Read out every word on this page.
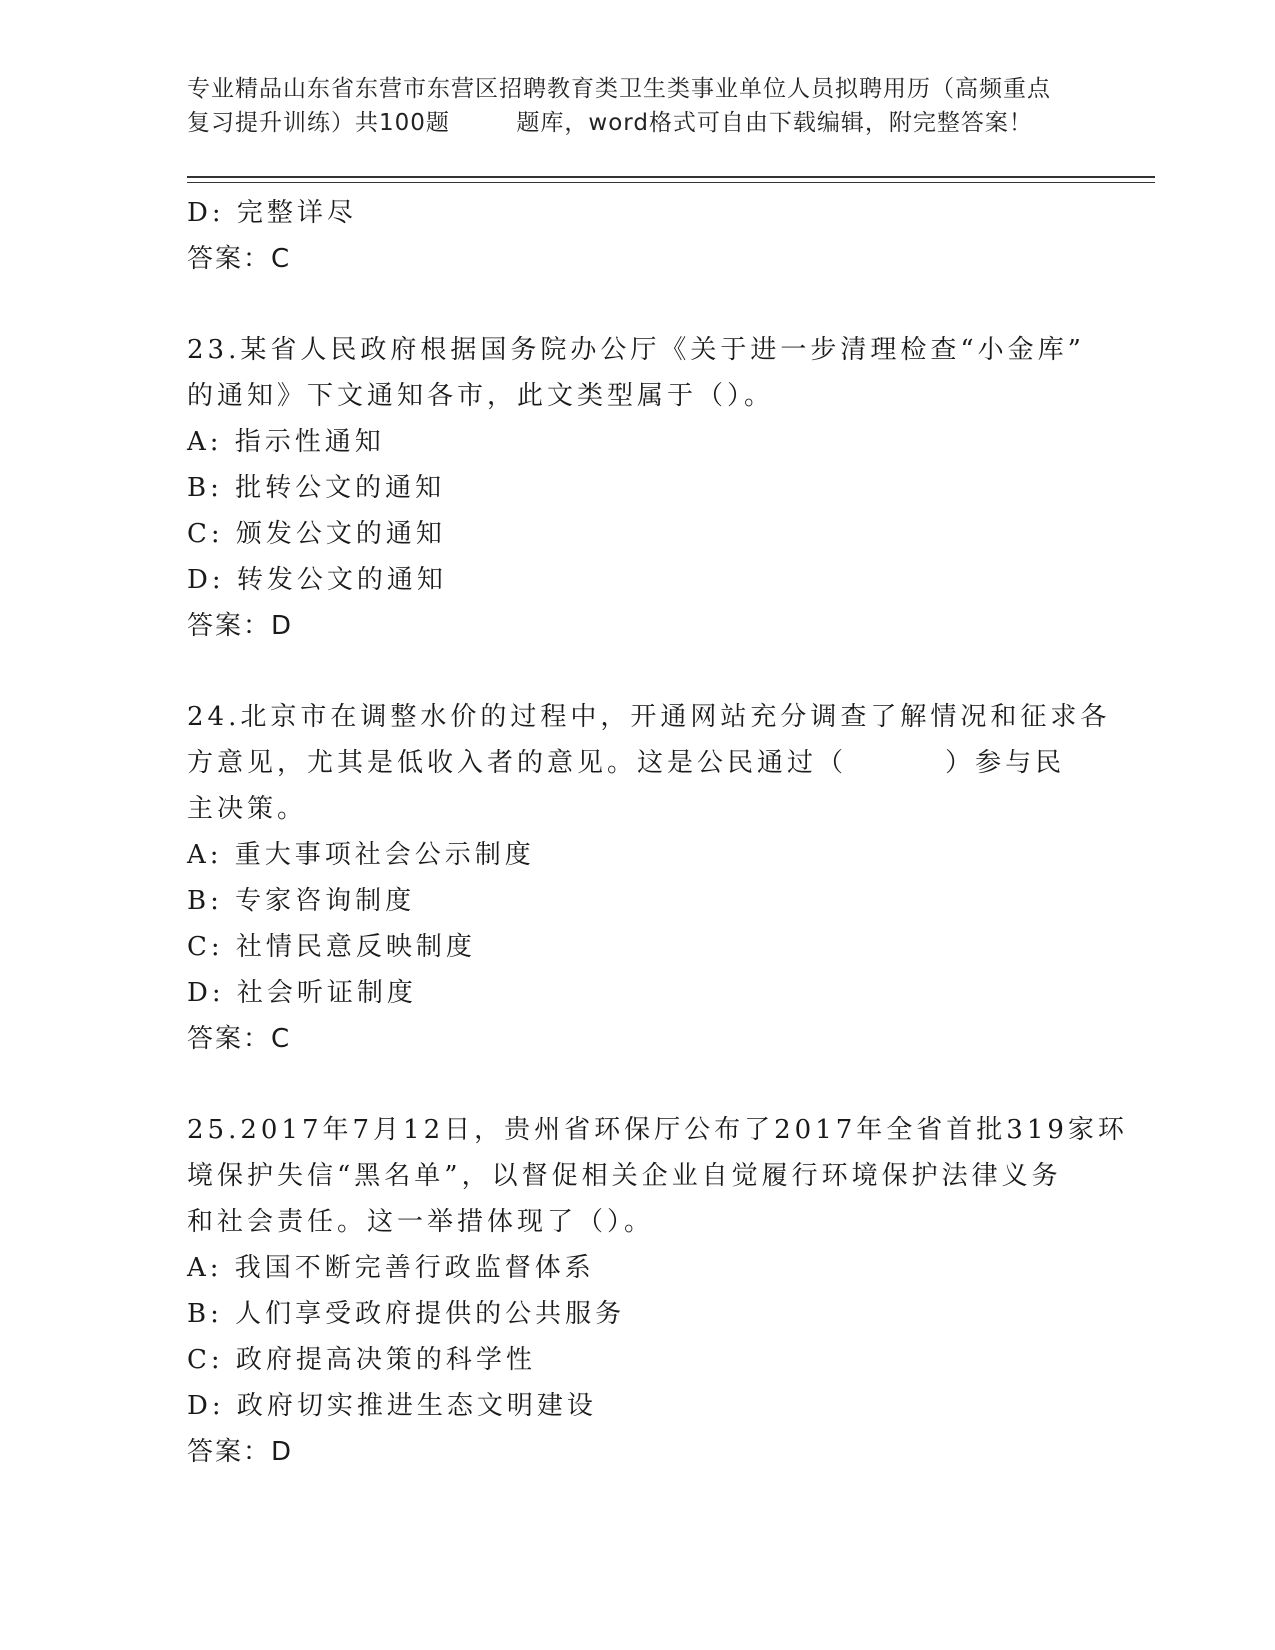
专业精品山东省东营市东营区招聘教育类卫生类事业单位人员拟聘用历（高频重点
复习提升训练）共100题        题库，word格式可自由下载编辑，附完整答案！
D: 完整详尽
答案：C
23.某省人民政府根据国务院办公厅《关于进一步清理检查“小金库”
的通知》下文通知各市，此文类型属于（）。
A: 指示性通知
B: 批转公文的通知
C: 颁发公文的通知
D: 转发公文的通知
答案：D
24.北京市在调整水价的过程中，开通网站充分调查了解情况和征求各
方意见，尤其是低收入者的意见。这是公民通过（        ）参与民
主决策。
A: 重大事项社会公示制度
B: 专家咨询制度
C: 社情民意反映制度
D: 社会听证制度
答案：C
25.2017年7月12日，贵州省环保厅公布了2017年全省首批319家环
境保护失信“黑名单”，以督促相关企业自觉履行环境保护法律义务
和社会责任。这一举措体现了（）。
A: 我国不断完善行政监督体系
B: 人们享受政府提供的公共服务
C: 政府提高决策的科学性
D: 政府切实推进生态文明建设
答案：D
